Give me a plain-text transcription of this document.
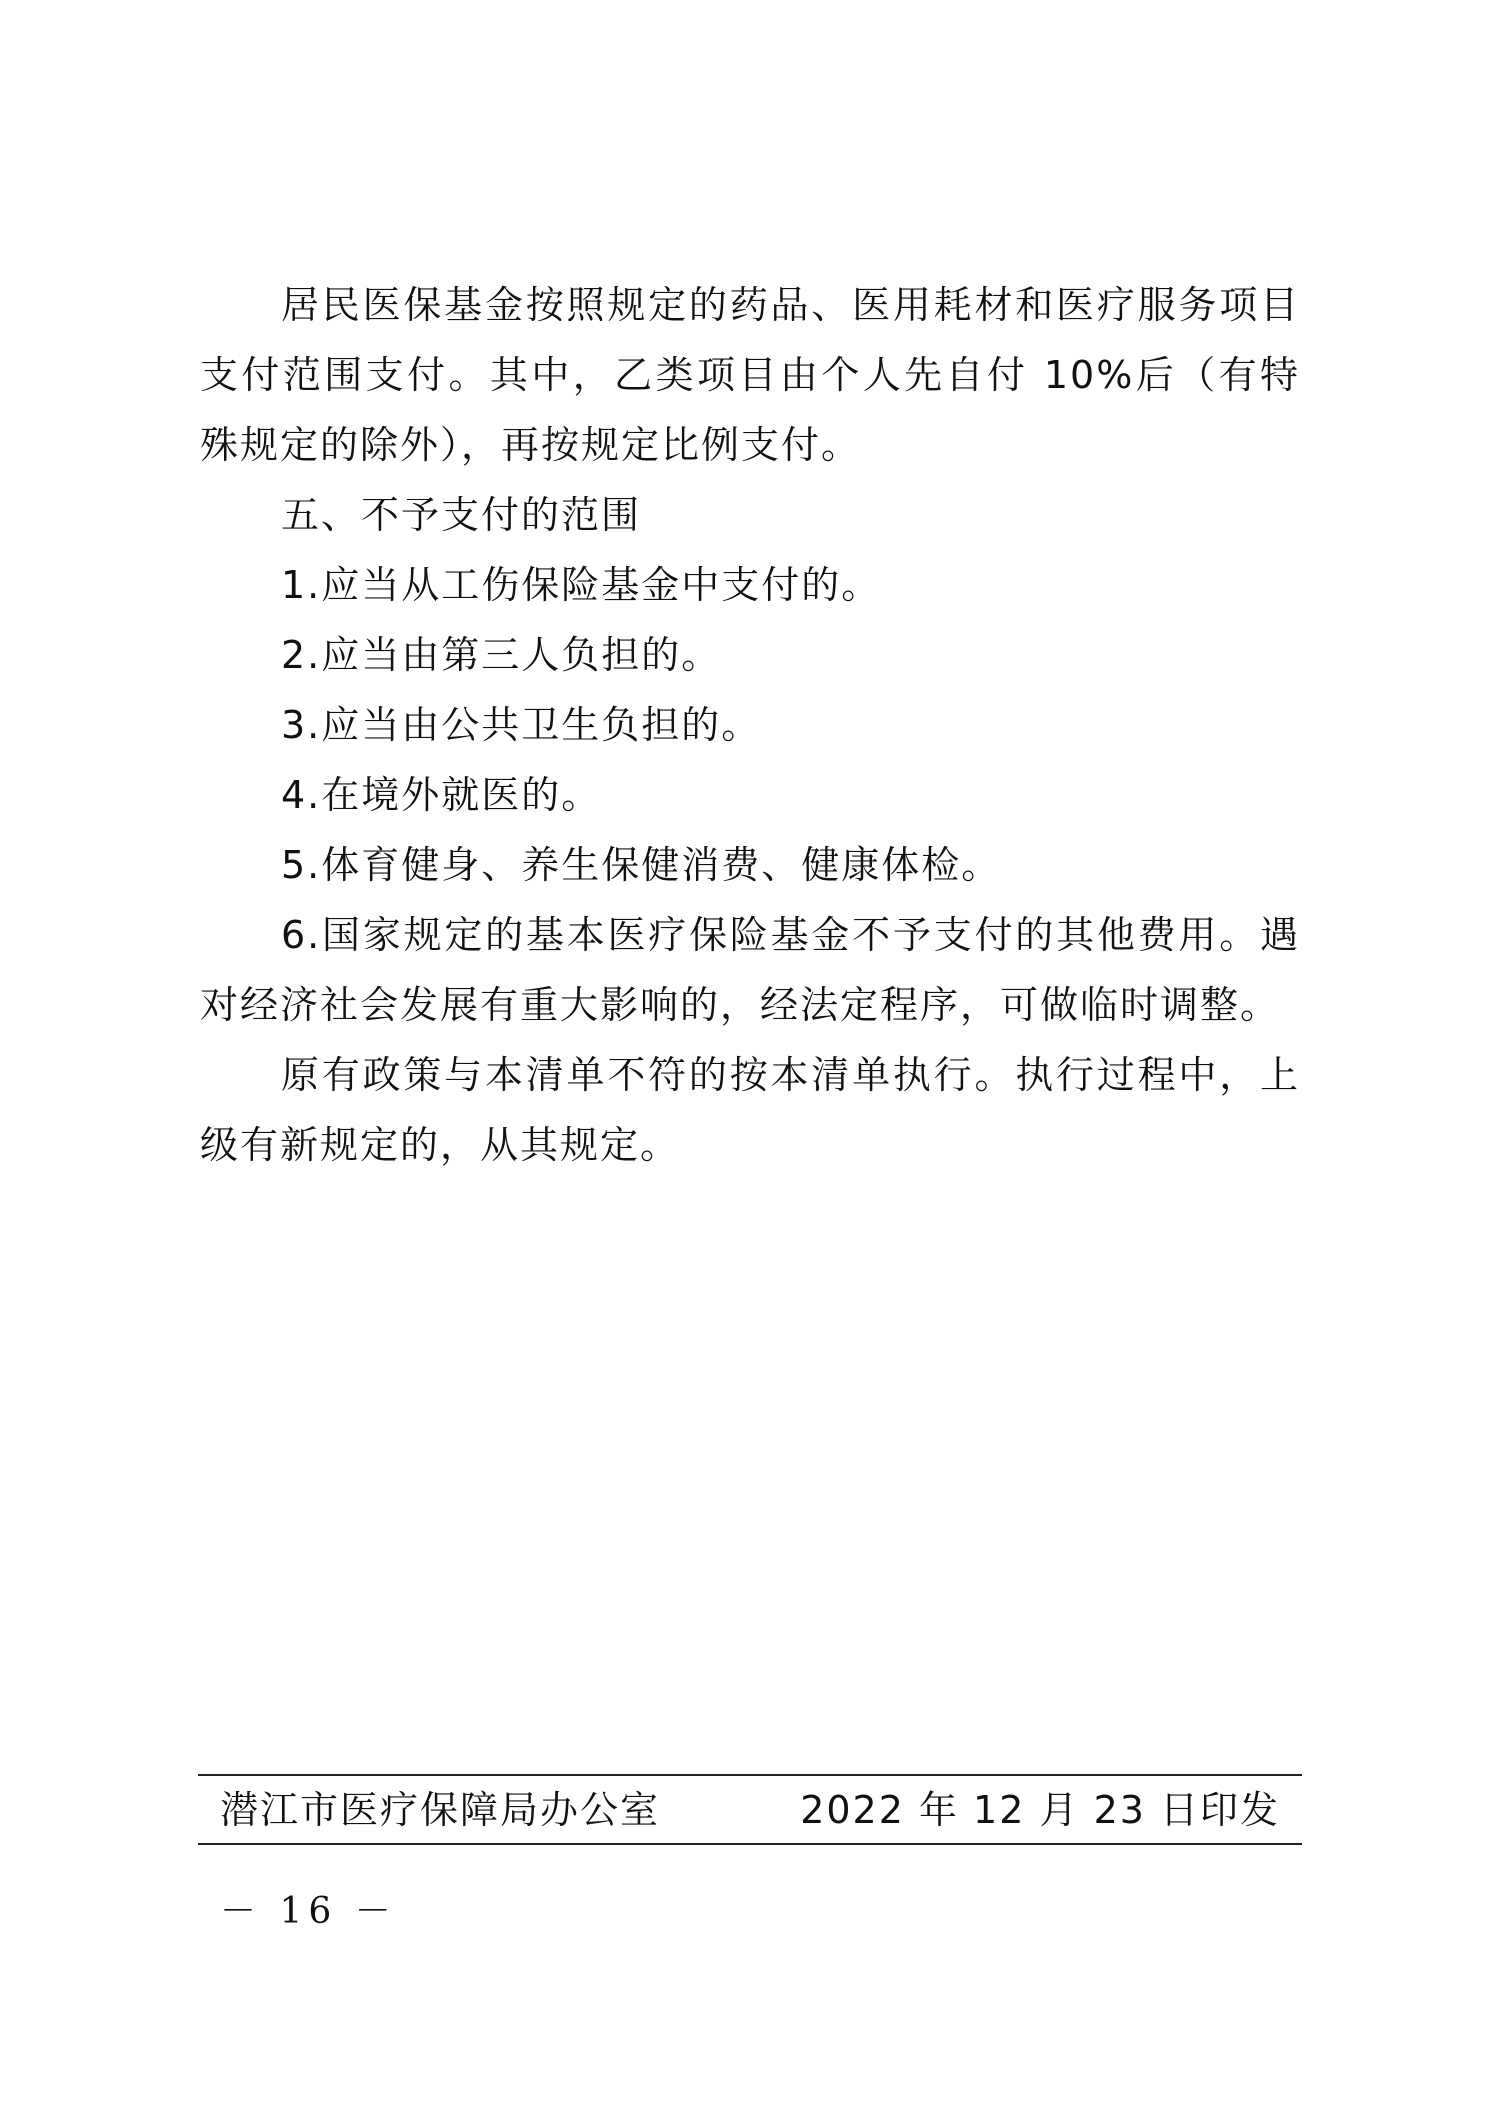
居民医保基金按照规定的药品、医用耗材和医疗服务项目支付范围支付。其中，乙类项目由个人先自付 10%后（有特殊规定的除外），再按规定比例支付。

五、不予支付的范围

1.应当从工伤保险基金中支付的。

2.应当由第三人负担的。

3.应当由公共卫生负担的。

4.在境外就医的。

5.体育健身、养生保健消费、健康体检。

6.国家规定的基本医疗保险基金不予支付的其他费用。遇对经济社会发展有重大影响的，经法定程序，可做临时调整。

原有政策与本清单不符的按本清单执行。执行过程中，上级有新规定的，从其规定。

潜江市医疗保障局办公室	2022 年 12 月 23 日印发
－ 16 －
